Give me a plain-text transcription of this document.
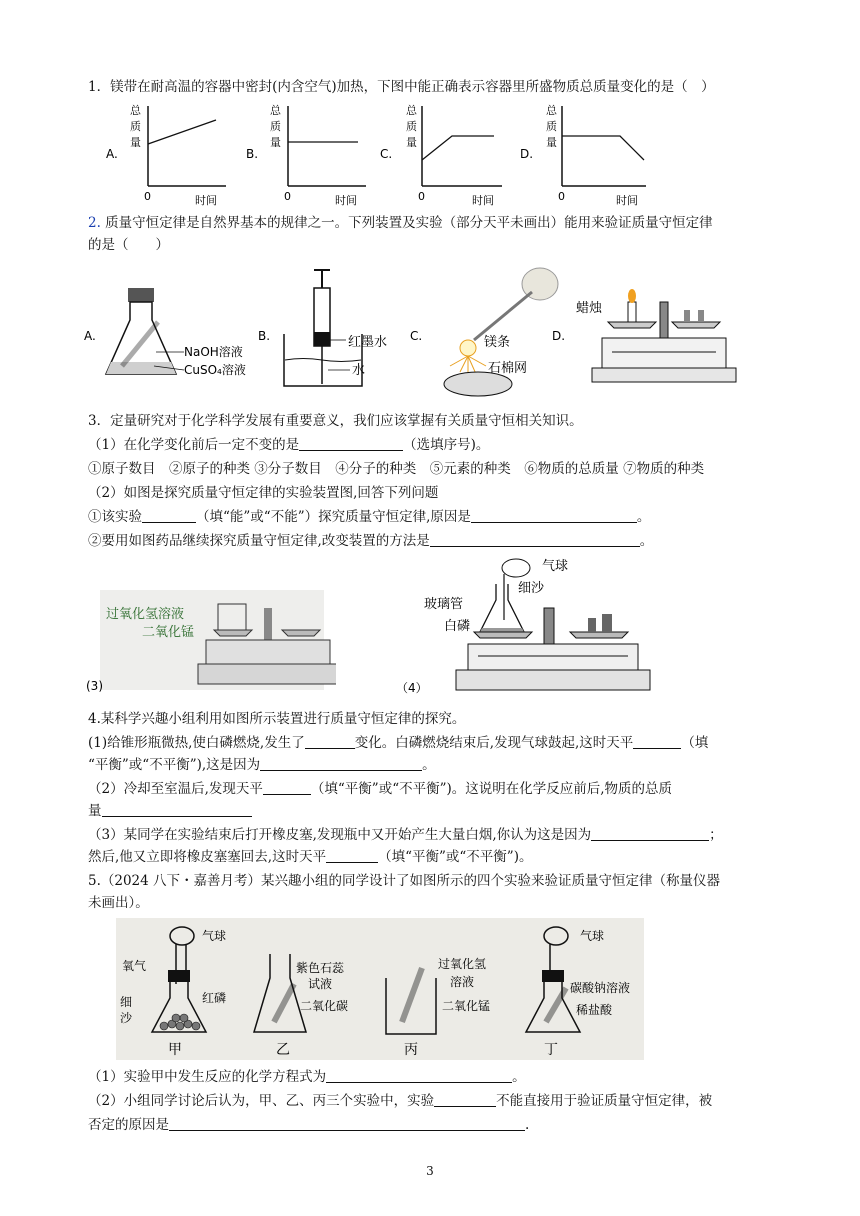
1．镁带在耐高温的容器中密封(内含空气)加热，下图中能正确表示容器里所盛物质总质量变化的是（　）
A.
总
质
量
0	时间
B.
总
质
量
0	时间
C.
总
质
量
0	时间
D.
总
质
量
0	时间
2. 质量守恒定律是自然界基本的规律之一。下列装置及实验（部分天平未画出）能用来验证质量守恒定律
的是（　　）
A.
NaOH溶液
CuSO₄溶液
B.	红墨水
水
C.	镁条
石棉网
D.
蜡烛
3．定量研究对于化学科学发展有重要意义，我们应该掌握有关质量守恒相关知识。
（1）在化学变化前后一定不变的是	（选填序号)。
①原子数目　②原子的种类 ③分子数目　④分子的种类　⑤元素的种类　⑥物质的总质量 ⑦物质的种类
（2）如图是探究质量守恒定律的实验装置图,回答下列问题
①该实验	（填“能”或“不能”）探究质量守恒定律,原因是	。
②要用如图药品继续探究质量守恒定律,改变装置的方法是	。
(3)
过氧化氢溶液
二氧化锰
（4）
气球
细沙
玻璃管
白磷
4.某科学兴趣小组利用如图所示装置进行质量守恒定律的探究。
(1)给锥形瓶微热,使白磷燃烧,发生了	变化。白磷燃烧结束后,发现气球鼓起,这时天平	（填
“平衡”或“不平衡”),这是因为	。
（2）冷却至室温后,发现天平	（填“平衡”或“不平衡”)。这说明在化学反应前后,物质的总质
量
（3）某同学在实验结束后打开橡皮塞,发现瓶中又开始产生大量白烟,你认为这是因为	；
然后,他又立即将橡皮塞塞回去,这时天平	（填“平衡”或“不平衡”)。
5.（2024 八下・嘉善月考）某兴趣小组的同学设计了如图所示的四个实验来验证质量守恒定律（称量仪器
未画出）。
气球
氧气
细
沙
红磷
甲
紫色石蕊
试液
二氧化碳
乙
过氧化氢
溶液
二氧化锰
丙
气球
碳酸钠溶液
稀盐酸
丁
（1）实验甲中发生反应的化学方程式为	。
（2）小组同学讨论后认为，甲、乙、丙三个实验中，实验	不能直接用于验证质量守恒定律，被
否定的原因是	.
3
